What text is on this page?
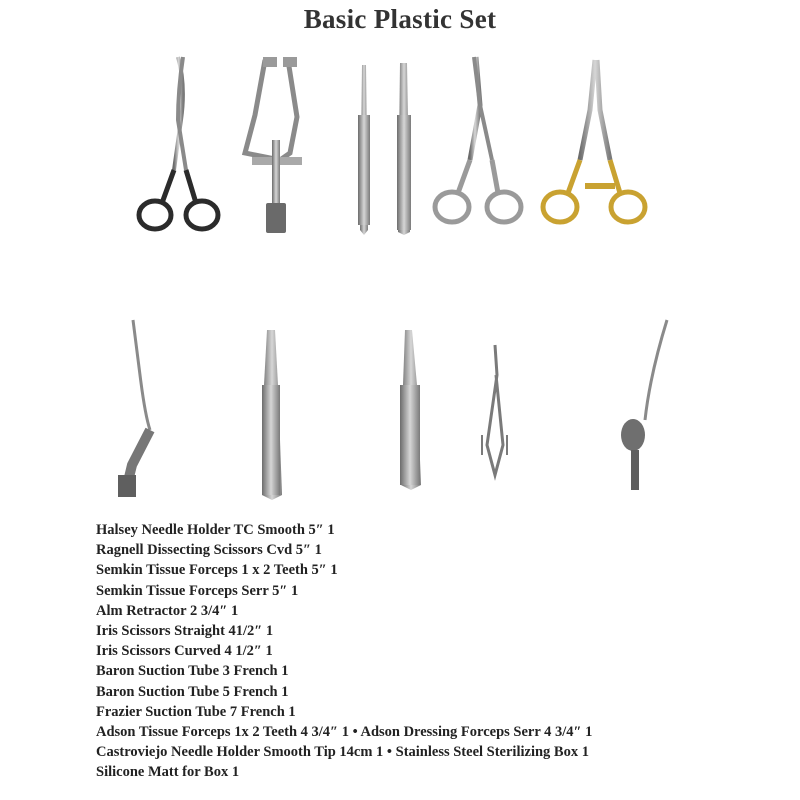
Basic Plastic Set
Halsey Needle Holder TC Smooth 5″ 1
Ragnell Dissecting Scissors Cvd 5″ 1
Semkin Tissue Forceps 1 x 2 Teeth 5″ 1
Semkin Tissue Forceps Serr 5″ 1
Alm Retractor 2 3/4″ 1
Iris Scissors Straight 41/2″ 1
Iris Scissors Curved 4 1/2″ 1
Baron Suction Tube 3 French 1
Baron Suction Tube 5 French 1
Frazier Suction Tube 7 French 1
Adson Tissue Forceps 1x 2 Teeth 4 3/4″ 1 • Adson Dressing Forceps Serr 4 3/4″ 1
Castroviejo Needle Holder Smooth Tip 14cm 1 • Stainless Steel Sterilizing Box 1
Silicone Matt for Box 1
